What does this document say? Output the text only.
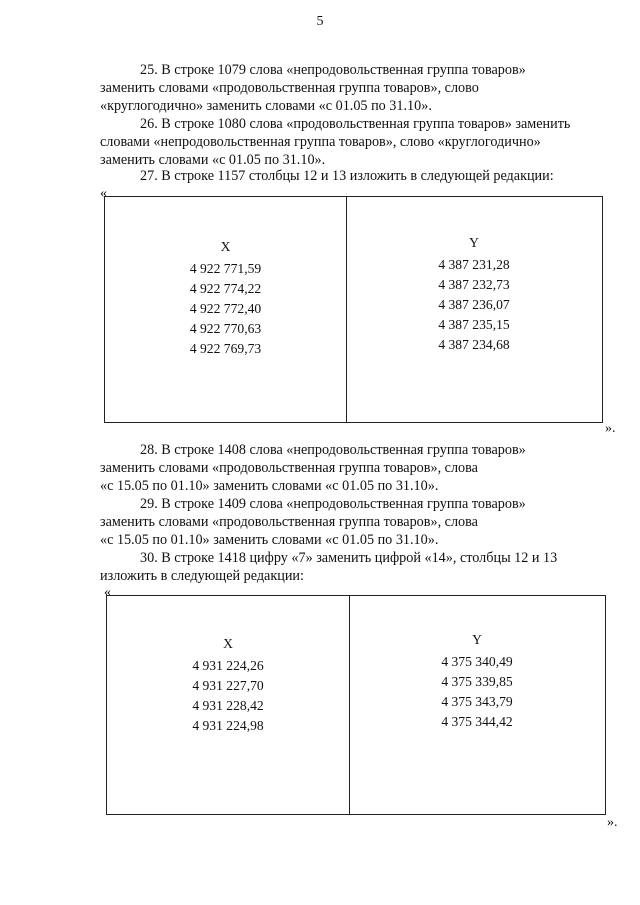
5
25. В строке 1079 слова «непродовольственная группа товаров»
заменить словами «продовольственная группа товаров», слово
«круглогодично» заменить словами «с 01.05 по 31.10».
26. В строке 1080 слова «продовольственная группа товаров» заменить
словами «непродовольственная группа товаров», слово «круглогодично»
заменить словами «с 01.05 по 31.10».
27. В строке 1157 столбцы 12 и 13 изложить в следующей редакции:
«
X
4 922 771,59
4 922 774,22
4 922 772,40
4 922 770,63
4 922 769,73
Y
4 387 231,28
4 387 232,73
4 387 236,07
4 387 235,15
4 387 234,68
».
28. В строке 1408 слова «непродовольственная группа товаров»
заменить словами «продовольственная группа товаров», слова
«с 15.05 по 01.10» заменить словами «с 01.05 по 31.10».
29. В строке 1409 слова «непродовольственная группа товаров»
заменить словами «продовольственная группа товаров», слова
«с 15.05 по 01.10» заменить словами «с 01.05 по 31.10».
30. В строке 1418 цифру «7» заменить цифрой «14», столбцы 12 и 13
изложить в следующей редакции:
«
X
4 931 224,26
4 931 227,70
4 931 228,42
4 931 224,98
Y
4 375 340,49
4 375 339,85
4 375 343,79
4 375 344,42
».
